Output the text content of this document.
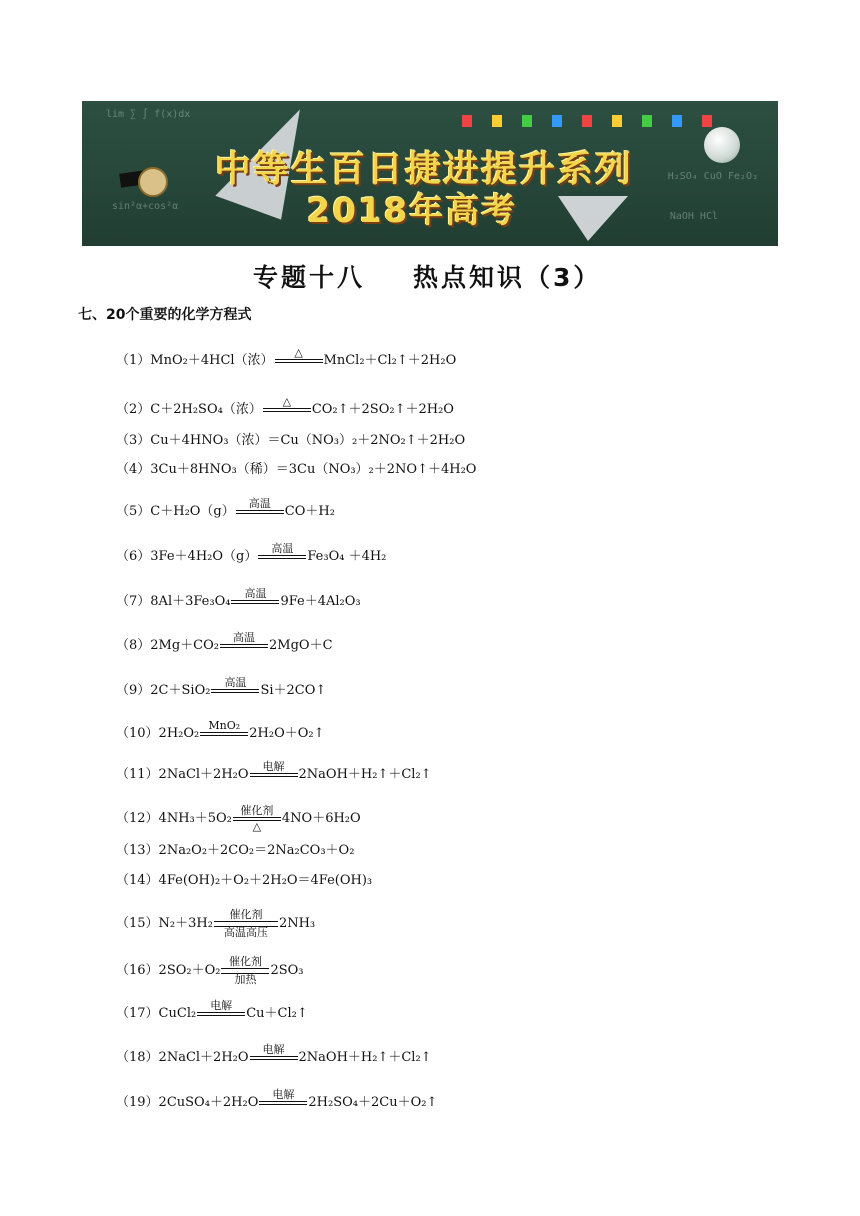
lim ∑ ∫ f(x)dx
sin²α+cos²α
H₂SO₄ CuO Fe₂O₃
NaOH HCl
中等生百日捷进提升系列
2018年高考
专题十八 热点知识（3）
七、20个重要的化学方程式
（1）MnO₂＋4HCl（浓）
△
MnCl₂＋Cl₂↑＋2H₂O
（2）C＋2H₂SO₄（浓）
△
CO₂↑＋2SO₂↑＋2H₂O
（3）Cu＋4HNO₃（浓）＝Cu（NO₃）₂＋2NO₂↑＋2H₂O
（4）3Cu＋8HNO₃（稀）＝3Cu（NO₃）₂＋2NO↑＋4H₂O
（5）C＋H₂O（g）
高温
CO＋H₂
（6）3Fe＋4H₂O（g）
高温
Fe₃O₄ ＋4H₂
（7）8Al＋3Fe₃O₄
高温
9Fe＋4Al₂O₃
（8）2Mg＋CO₂
高温
2MgO＋C
（9）2C＋SiO₂
高温
Si＋2CO↑
（10）2H₂O₂
MnO₂
2H₂O＋O₂↑
（11）2NaCl＋2H₂O
电解
2NaOH＋H₂↑＋Cl₂↑
（12）4NH₃＋5O₂
催化剂
△
4NO＋6H₂O
（13）2Na₂O₂＋2CO₂＝2Na₂CO₃＋O₂
（14）4Fe(OH)₂＋O₂＋2H₂O＝4Fe(OH)₃
（15）N₂＋3H₂
催化剂
高温高压
2NH₃
（16）2SO₂＋O₂
催化剂
加热
2SO₃
（17）CuCl₂
电解
Cu＋Cl₂↑
（18）2NaCl＋2H₂O
电解
2NaOH＋H₂↑＋Cl₂↑
（19）2CuSO₄＋2H₂O
电解
2H₂SO₄＋2Cu＋O₂↑
